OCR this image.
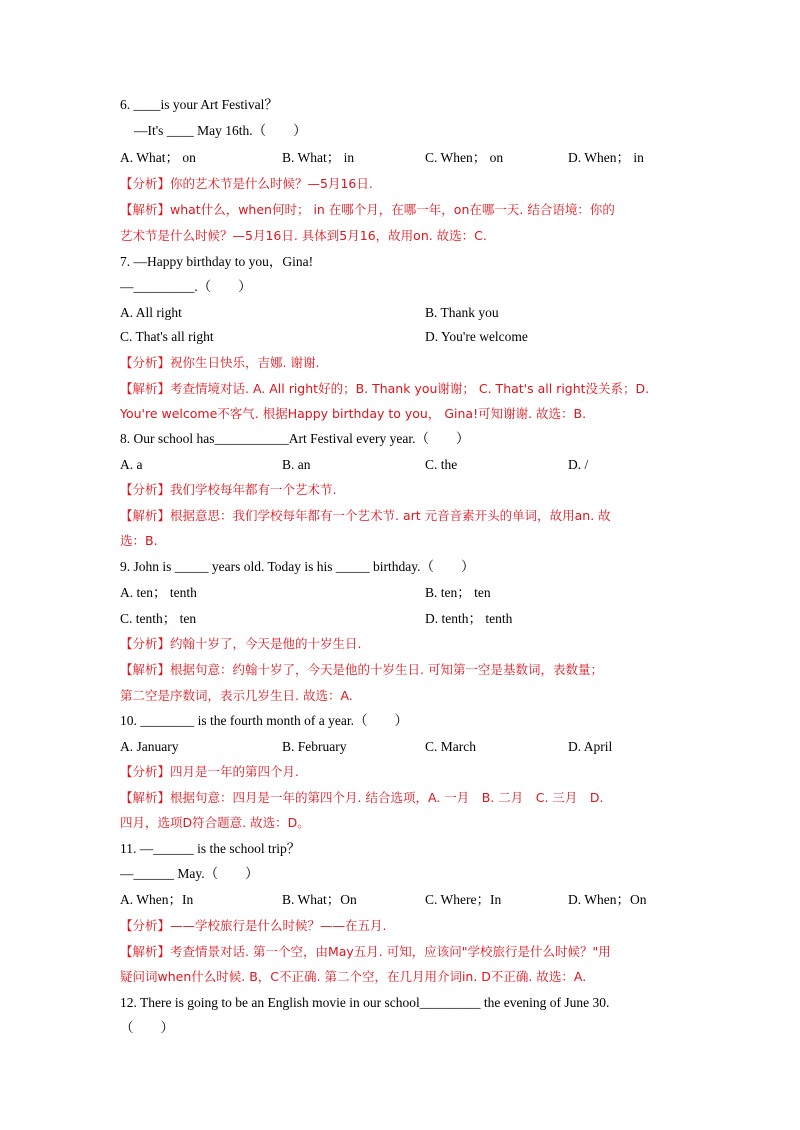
6. ____is your Art Festival？
—It's ____ May 16th.（　　）
A. What； on	B. What； in	C. When； on	D. When； in
【分析】你的艺术节是什么时候？—5月16日.
【解析】what什么，when何时； in 在哪个月，在哪一年，on在哪一天. 结合语境：你的
艺术节是什么时候？—5月16日. 具体到5月16，故用on. 故选：C.
7. —Happy birthday to you，Gina!
—_________.（　　）
A. All right	B. Thank you
C. That's all right	D. You're welcome
【分析】祝你生日快乐，吉娜. 谢谢.
【解析】考查情境对话. A. All right好的；B. Thank you谢谢； C. That's all right没关系；D.
You're welcome不客气. 根据Happy birthday to you， Gina!可知谢谢. 故选：B.
8. Our school has___________Art Festival every year.（　　）
A. a	B. an	C. the	D. /
【分析】我们学校每年都有一个艺术节.
【解析】根据意思：我们学校每年都有一个艺术节. art 元音音素开头的单词，故用an. 故
选：B.
9. John is _____ years old. Today is his _____ birthday.（　　）
A. ten； tenth	B. ten； ten
C. tenth； ten	D. tenth； tenth
【分析】约翰十岁了，今天是他的十岁生日.
【解析】根据句意：约翰十岁了，今天是他的十岁生日. 可知第一空是基数词，表数量；
第二空是序数词，表示几岁生日. 故选：A.
10. ________ is the fourth month of a year.（　　）
A. January	B. February	C. March	D. April
【分析】四月是一年的第四个月.
【解析】根据句意：四月是一年的第四个月. 结合选项，A. 一月　B. 二月　C. 三月　D.
四月，选项D符合题意. 故选：D。
11. —______ is the school trip？
—______ May.（　　）
A. When；In	B. What；On	C. Where；In	D. When；On
【分析】——学校旅行是什么时候？——在五月.
【解析】考查情景对话. 第一个空，由May五月. 可知，应该问"学校旅行是什么时候？"用
疑问词when什么时候. B，C不正确. 第二个空，在几月用介词in. D不正确. 故选：A.
12. There is going to be an English movie in our school_________ the evening of June 30.
（　　）
